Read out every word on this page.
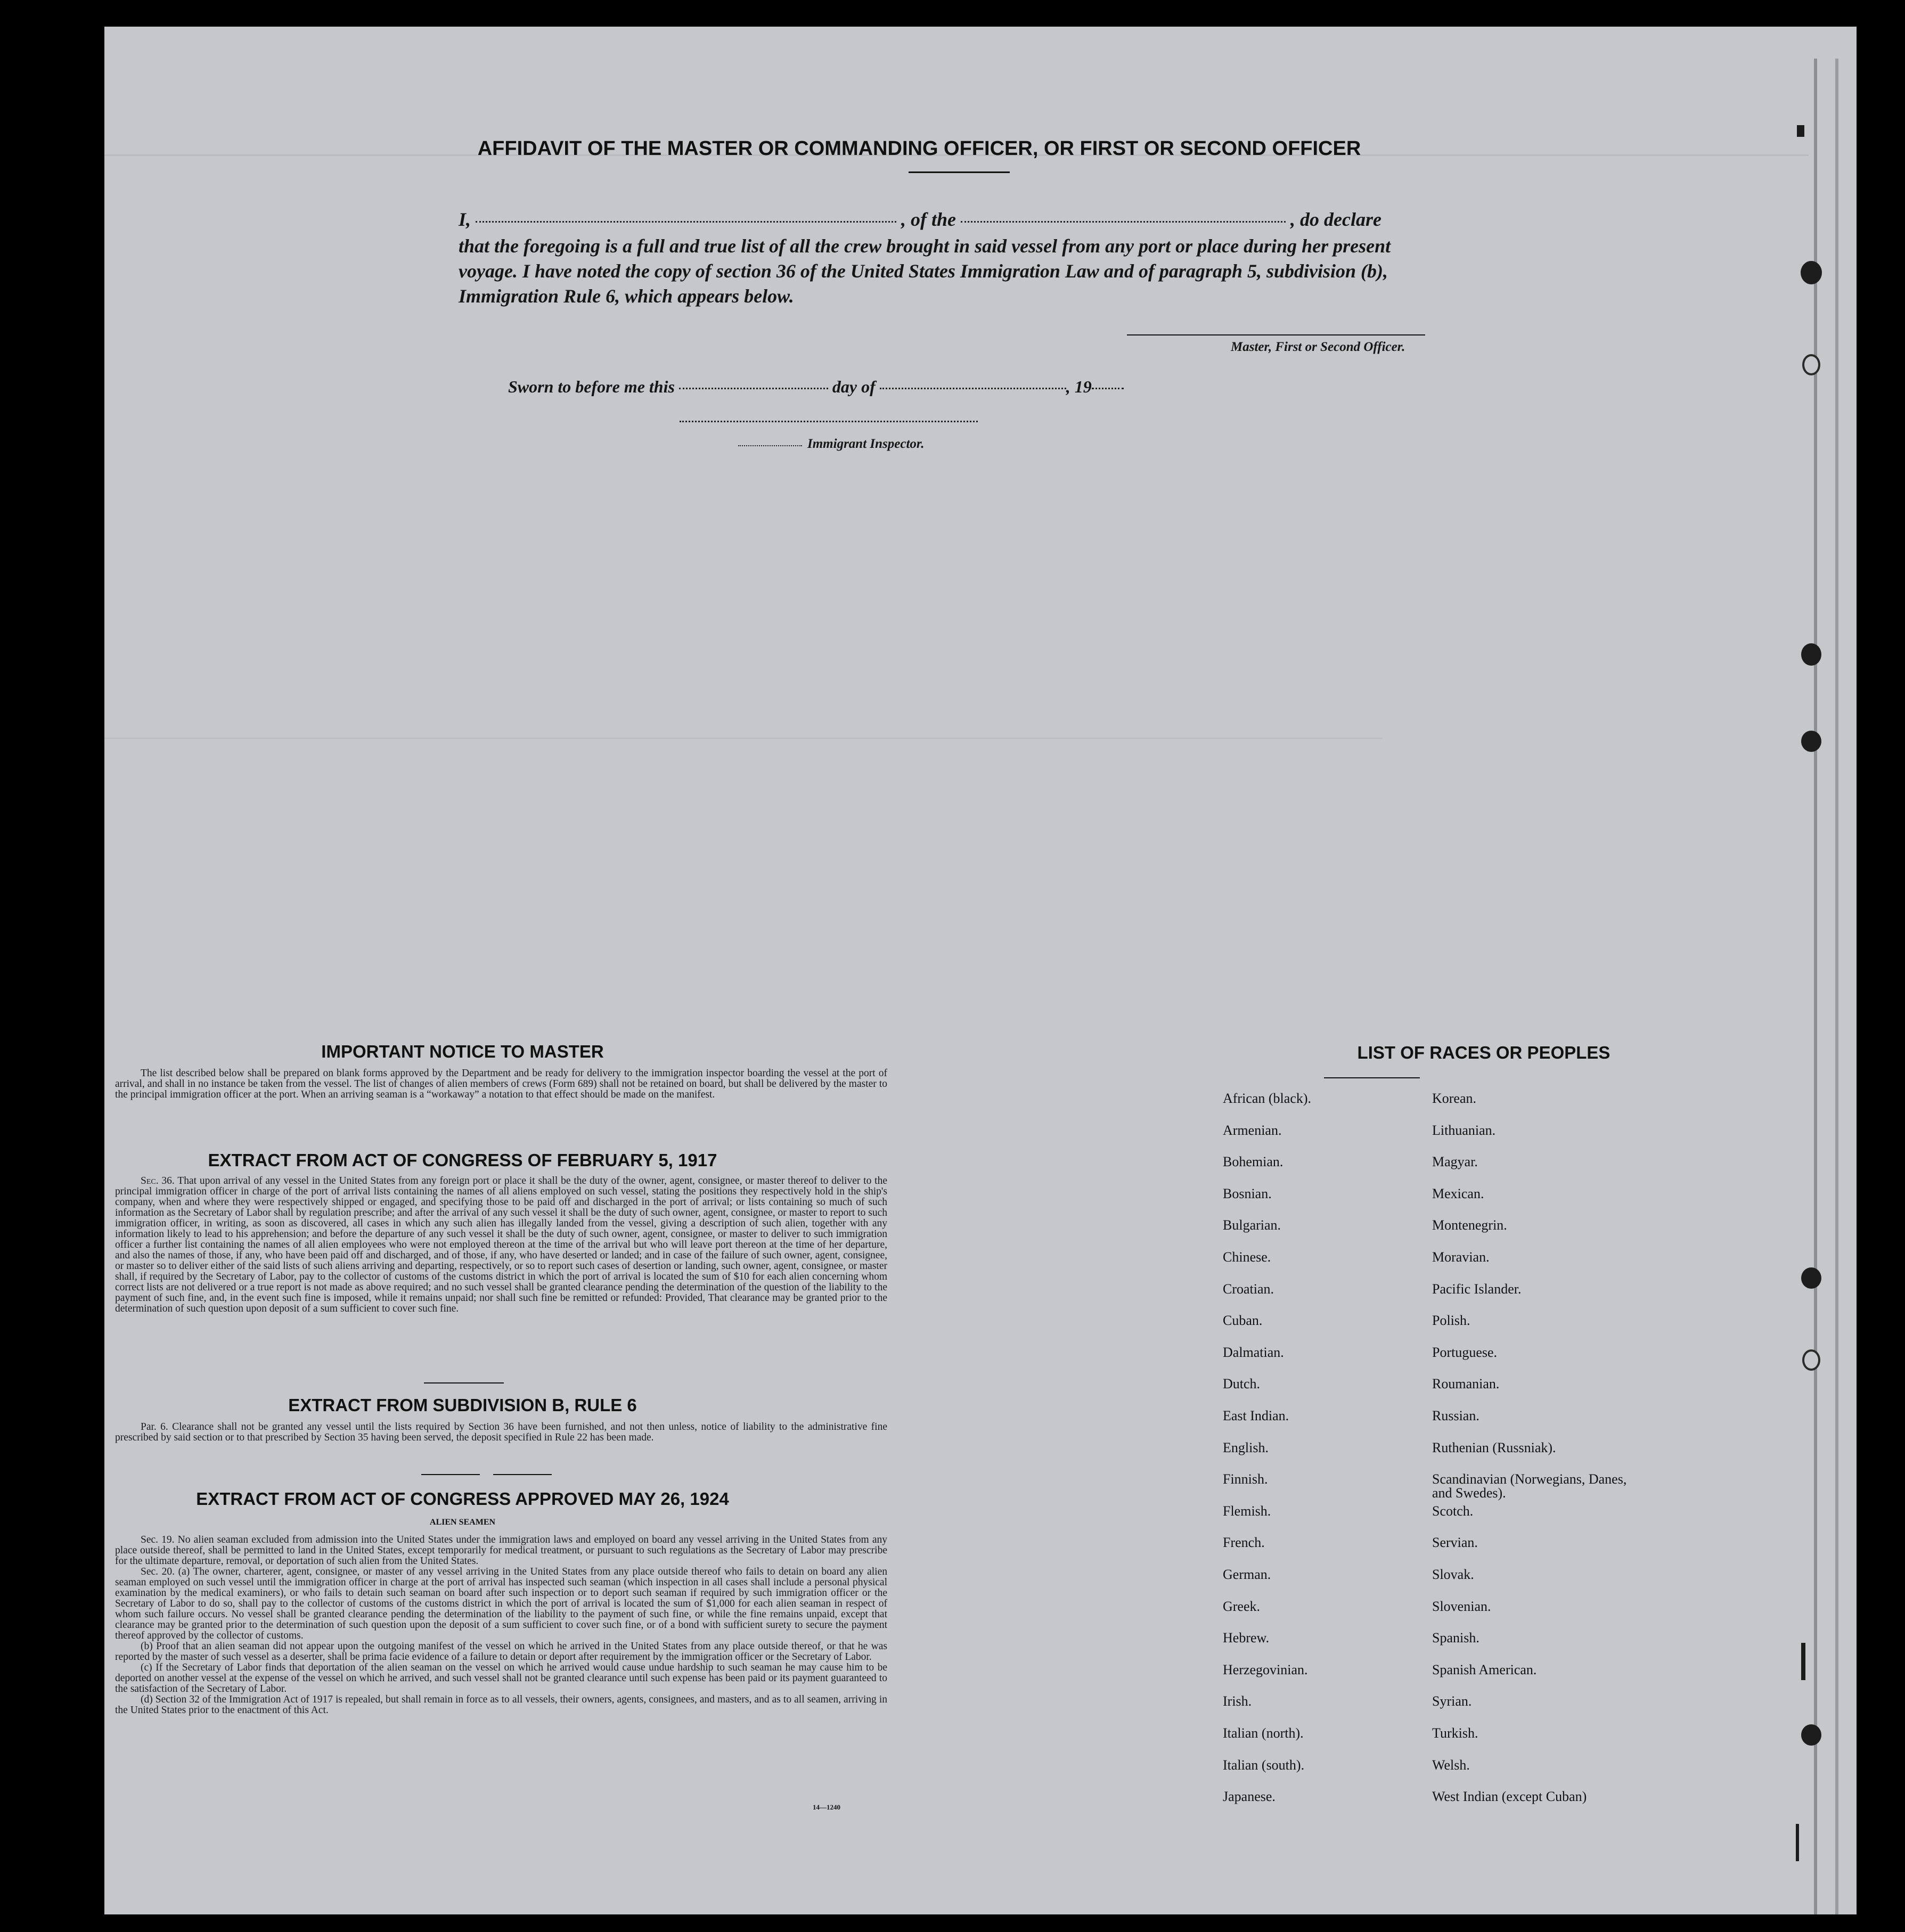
AFFIDAVIT OF THE MASTER OR COMMANDING OFFICER, OR FIRST OR SECOND OFFICER
I,	, of the	, do declare
that the foregoing is a full and true list of all the crew brought in said vessel from any port or place during her present
voyage. I have noted the copy of section 36 of the United States Immigration Law and of paragraph 5, subdivision (b),
Immigration Rule 6, which appears below.
Master, First or Second Officer.
Sworn to before me this	day of	, 19
Immigrant Inspector.
IMPORTANT NOTICE TO MASTER

The list described below shall be prepared on blank forms approved by the Department and be ready for delivery to the immigration inspector boarding the vessel at the port of arrival, and shall in no instance be taken from the vessel. The list of changes of alien members of crews (Form 689) shall not be retained on board, but shall be delivered by the master to the principal immigration officer at the port. When an arriving seaman is a “workaway” a notation to that effect should be made on the manifest.

EXTRACT FROM ACT OF CONGRESS OF FEBRUARY 5, 1917

Sec. 36. That upon arrival of any vessel in the United States from any foreign port or place it shall be the duty of the owner, agent, consignee, or master thereof to deliver to the principal immigration officer in charge of the port of arrival lists containing the names of all aliens employed on such vessel, stating the positions they respectively hold in the ship's company, when and where they were respectively shipped or engaged, and specifying those to be paid off and discharged in the port of arrival; or lists containing so much of such information as the Secretary of Labor shall by regulation prescribe; and after the arrival of any such vessel it shall be the duty of such owner, agent, consignee, or master to report to such immigration officer, in writing, as soon as discovered, all cases in which any such alien has illegally landed from the vessel, giving a description of such alien, together with any information likely to lead to his apprehension; and before the departure of any such vessel it shall be the duty of such owner, agent, consignee, or master to deliver to such immigration officer a further list containing the names of all alien employees who were not employed thereon at the time of the arrival but who will leave port thereon at the time of her departure, and also the names of those, if any, who have been paid off and discharged, and of those, if any, who have deserted or landed; and in case of the failure of such owner, agent, consignee, or master so to deliver either of the said lists of such aliens arriving and departing, respectively, or so to report such cases of desertion or landing, such owner, agent, consignee, or master shall, if required by the Secretary of Labor, pay to the collector of customs of the customs district in which the port of arrival is located the sum of $10 for each alien concerning whom correct lists are not delivered or a true report is not made as above required; and no such vessel shall be granted clearance pending the determination of the question of the liability to the payment of such fine, and, in the event such fine is imposed, while it remains unpaid; nor shall such fine be remitted or refunded: Provided, That clearance may be granted prior to the determination of such question upon deposit of a sum sufficient to cover such fine.

EXTRACT FROM SUBDIVISION B, RULE 6

Par. 6. Clearance shall not be granted any vessel until the lists required by Section 36 have been furnished, and not then unless, notice of liability to the administrative fine prescribed by said section or to that prescribed by Section 35 having been served, the deposit specified in Rule 22 has been made.

EXTRACT FROM ACT OF CONGRESS APPROVED MAY 26, 1924
ALIEN SEAMEN

Sec. 19. No alien seaman excluded from admission into the United States under the immigration laws and employed on board any vessel arriving in the United States from any place outside thereof, shall be permitted to land in the United States, except temporarily for medical treatment, or pursuant to such regulations as the Secretary of Labor may prescribe for the ultimate departure, removal, or deportation of such alien from the United States.

Sec. 20. (a) The owner, charterer, agent, consignee, or master of any vessel arriving in the United States from any place outside thereof who fails to detain on board any alien seaman employed on such vessel until the immigration officer in charge at the port of arrival has inspected such seaman (which inspection in all cases shall include a personal physical examination by the medical examiners), or who fails to detain such seaman on board after such inspection or to deport such seaman if required by such immigration officer or the Secretary of Labor to do so, shall pay to the collector of customs of the customs district in which the port of arrival is located the sum of $1,000 for each alien seaman in respect of whom such failure occurs. No vessel shall be granted clearance pending the determination of the liability to the payment of such fine, or while the fine remains unpaid, except that clearance may be granted prior to the determination of such question upon the deposit of a sum sufficient to cover such fine, or of a bond with sufficient surety to secure the payment thereof approved by the collector of customs.

(b) Proof that an alien seaman did not appear upon the outgoing manifest of the vessel on which he arrived in the United States from any place outside thereof, or that he was reported by the master of such vessel as a deserter, shall be prima facie evidence of a failure to detain or deport after requirement by the immigration officer or the Secretary of Labor.

(c) If the Secretary of Labor finds that deportation of the alien seaman on the vessel on which he arrived would cause undue hardship to such seaman he may cause him to be deported on another vessel at the expense of the vessel on which he arrived, and such vessel shall not be granted clearance until such expense has been paid or its payment guaranteed to the satisfaction of the Secretary of Labor.

(d) Section 32 of the Immigration Act of 1917 is repealed, but shall remain in force as to all vessels, their owners, agents, consignees, and masters, and as to all seamen, arriving in the United States prior to the enactment of this Act.

14—1240
LIST OF RACES OR PEOPLES
African (black).	Korean.
Armenian.	Lithuanian.
Bohemian.	Magyar.
Bosnian.	Mexican.
Bulgarian.	Montenegrin.
Chinese.	Moravian.
Croatian.	Pacific Islander.
Cuban.	Polish.
Dalmatian.	Portuguese.
Dutch.	Roumanian.
East Indian.	Russian.
English.	Ruthenian (Russniak).
Finnish.	Scandinavian (Norwegians, Danes, and Swedes).
Flemish.	Scotch.
French.	Servian.
German.	Slovak.
Greek.	Slovenian.
Hebrew.	Spanish.
Herzegovinian.	Spanish American.
Irish.	Syrian.
Italian (north).	Turkish.
Italian (south).	Welsh.
Japanese.	West Indian (except Cuban)
